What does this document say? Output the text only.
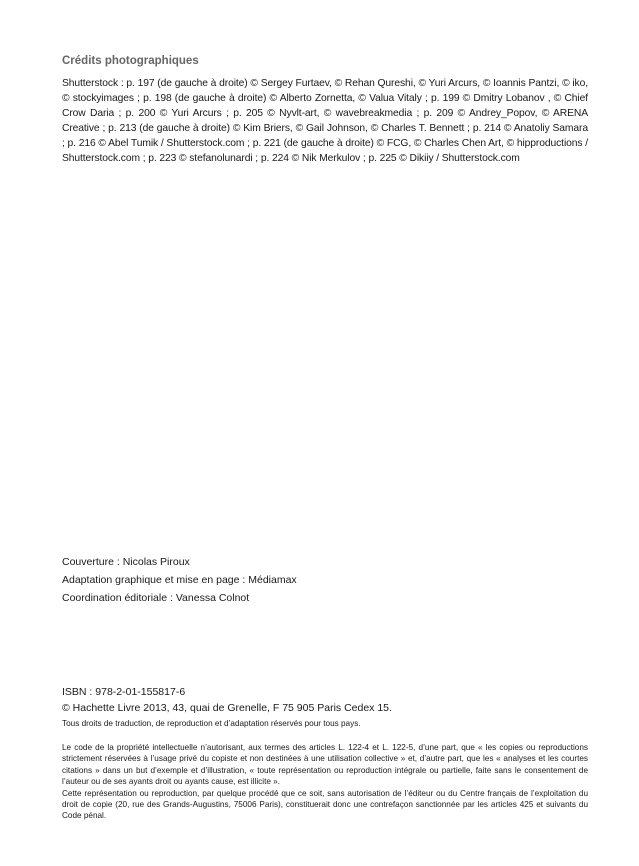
Crédits photographiques

Shutterstock : p. 197 (de gauche à droite) © Sergey Furtaev, © Rehan Qureshi, © Yuri Arcurs, © Ioannis Pantzi, © iko, © stockyimages ; p. 198 (de gauche à droite) © Alberto Zornetta, © Valua Vitaly ; p. 199 © Dmitry Lobanov , © Chief Crow Daria ; p. 200 © Yuri Arcurs ; p. 205 © Nyvlt-art, © wavebreakmedia ; p. 209 © Andrey_Popov, © ARENA Creative ; p. 213 (de gauche à droite) © Kim Briers, © Gail Johnson, © Charles T. Bennett ; p. 214 © Anatoliy Samara ; p. 216 © Abel Tumik / Shutterstock.com ; p. 221 (de gauche à droite) © FCG, © Charles Chen Art, © hipproductions / Shutterstock.com ; p. 223 © stefanolunardi ; p. 224 © Nik Merkulov ; p. 225 © Dikiiy / Shutterstock.com

Couverture : Nicolas Piroux
Adaptation graphique et mise en page : Médiamax
Coordination éditoriale : Vanessa Colnot
ISBN : 978-2-01-155817-6
© Hachette Livre 2013, 43, quai de Grenelle, F 75 905 Paris Cedex 15.

Tous droits de traduction, de reproduction et d’adaptation réservés pour tous pays.

Le code de la propriété intellectuelle n’autorisant, aux termes des articles L. 122-4 et L. 122-5, d’une part, que « les copies ou reproductions strictement réservées à l’usage privé du copiste et non destinées à une utilisation collective » et, d’autre part, que les « analyses et les courtes citations » dans un but d’exemple et d’illustration, « toute représentation ou reproduction intégrale ou partielle, faite sans le consentement de l’auteur ou de ses ayants droit ou ayants cause, est illicite ».

Cette représentation ou reproduction, par quelque procédé que ce soit, sans autorisation de l’éditeur ou du Centre français de l’exploitation du droit de copie (20, rue des Grands-Augustins, 75006 Paris), constituerait donc une contrefaçon sanctionnée par les articles 425 et suivants du Code pénal.
